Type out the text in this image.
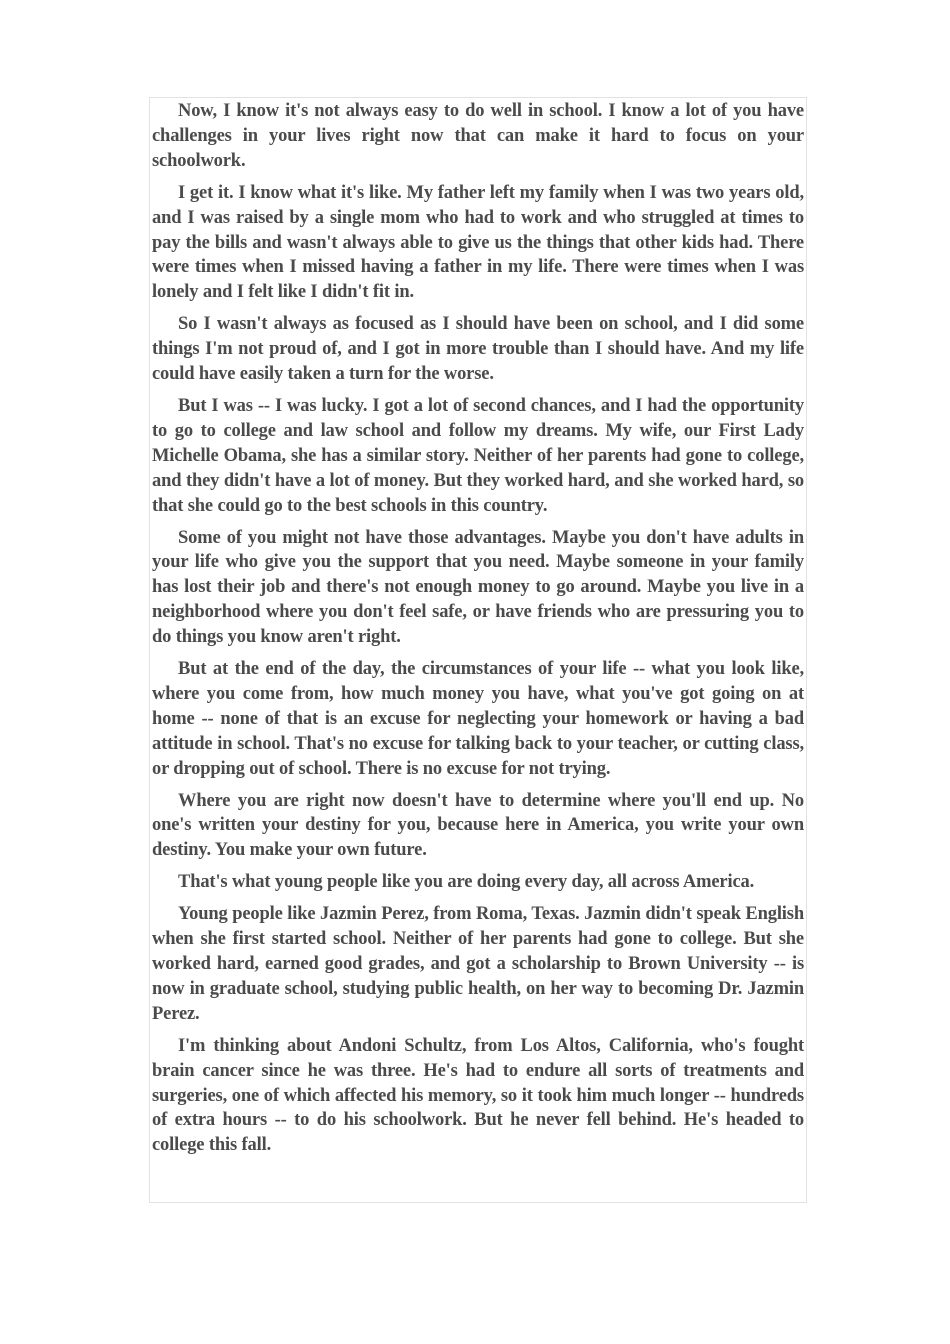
Now, I know it's not always easy to do well in school. I know a lot of you have challenges in your lives right now that can make it hard to focus on your schoolwork.

I get it. I know what it's like. My father left my family when I was two years old, and I was raised by a single mom who had to work and who struggled at times to pay the bills and wasn't always able to give us the things that other kids had. There were times when I missed having a father in my life. There were times when I was lonely and I felt like I didn't fit in.

So I wasn't always as focused as I should have been on school, and I did some things I'm not proud of, and I got in more trouble than I should have. And my life could have easily taken a turn for the worse.

But I was -- I was lucky. I got a lot of second chances, and I had the opportunity to go to college and law school and follow my dreams. My wife, our First Lady Michelle Obama, she has a similar story. Neither of her parents had gone to college, and they didn't have a lot of money. But they worked hard, and she worked hard, so that she could go to the best schools in this country.

Some of you might not have those advantages. Maybe you don't have adults in your life who give you the support that you need. Maybe someone in your family has lost their job and there's not enough money to go around. Maybe you live in a neighborhood where you don't feel safe, or have friends who are pressuring you to do things you know aren't right.

But at the end of the day, the circumstances of your life -- what you look like, where you come from, how much money you have, what you've got going on at home -- none of that is an excuse for neglecting your homework or having a bad attitude in school. That's no excuse for talking back to your teacher, or cutting class, or dropping out of school. There is no excuse for not trying.

Where you are right now doesn't have to determine where you'll end up. No one's written your destiny for you, because here in America, you write your own destiny. You make your own future.

That's what young people like you are doing every day, all across America.

Young people like Jazmin Perez, from Roma, Texas. Jazmin didn't speak English when she first started school. Neither of her parents had gone to college. But she worked hard, earned good grades, and got a scholarship to Brown University -- is now in graduate school, studying public health, on her way to becoming Dr. Jazmin Perez.

I'm thinking about Andoni Schultz, from Los Altos, California, who's fought brain cancer since he was three. He's had to endure all sorts of treatments and surgeries, one of which affected his memory, so it took him much longer -- hundreds of extra hours -- to do his schoolwork. But he never fell behind. He's headed to college this fall.
